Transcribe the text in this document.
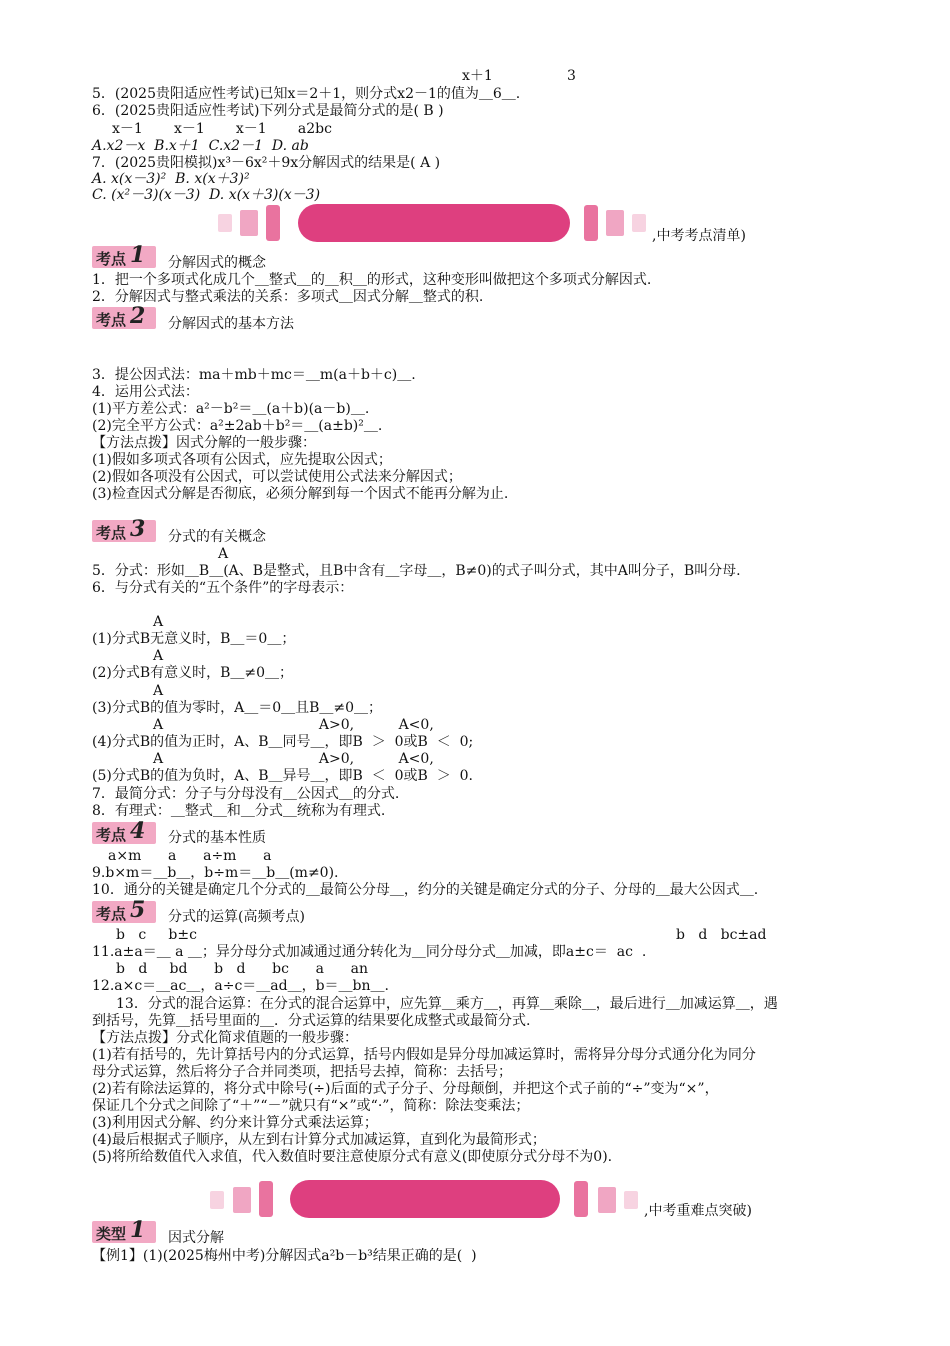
x＋1	3
5．(2025贵阳适应性考试)已知x＝2＋1，则分式x2－1的值为＿6＿.
6．(2025贵阳适应性考试)下列分式是最简分式的是( B )
x－1       x－1       x－1       a2bc
A.x2－x  B.x＋1  C.x2－1  D. ab
7．(2025贵阳模拟)x³－6x²＋9x分解因式的结果是( A )
A. x(x－3)²  B. x(x＋3)²
C. (x²－3)(x－3)  D. x(x＋3)(x－3)
,中考考点清单)
考点 1 分解因式的概念
1．把一个多项式化成几个＿整式＿的＿积＿的形式，这种变形叫做把这个多项式分解因式.
2．分解因式与整式乘法的关系：多项式＿因式分解＿整式的积.
考点 2 分解因式的基本方法
3．提公因式法：ma＋mb＋mc＝＿m(a＋b＋c)＿.
4．运用公式法：
(1)平方差公式：a²－b²＝＿(a＋b)(a－b)＿.
(2)完全平方公式：a²±2ab＋b²＝＿(a±b)²＿.
【方法点拨】因式分解的一般步骤：
(1)假如多项式各项有公因式，应先提取公因式；
(2)假如各项没有公因式，可以尝试使用公式法来分解因式；
(3)检查因式分解是否彻底，必须分解到每一个因式不能再分解为止.
考点 3 分式的有关概念
A
5．分式：形如＿B＿(A、B是整式，且B中含有＿字母＿，B≠0)的式子叫分式，其中A叫分子，B叫分母.
6．与分式有关的“五个条件”的字母表示：
A
(1)分式B无意义时，B＿＝0＿；
A
(2)分式B有意义时，B＿≠0＿；
A
(3)分式B的值为零时，A＿＝0＿且B＿≠0＿；
A                                   A>0,          A<0,
(4)分式B的值为正时，A、B＿同号＿，即B  ＞  0或B  ＜  0;
A                                   A>0,          A<0,
(5)分式B的值为负时，A、B＿异号＿，即B  ＜  0或B  ＞  0.
7．最简分式：分子与分母没有＿公因式＿的分式.
8．有理式：＿整式＿和＿分式＿统称为有理式.
考点 4 分式的基本性质
a×m      a      a÷m      a
9.b×m＝＿b＿，b÷m＝＿b＿(m≠0).
10．通分的关键是确定几个分式的＿最简公分母＿，约分的关键是确定分式的分子、分母的＿最大公因式＿.
考点 5 分式的运算(高频考点)
b   c     b±c	b   d   bc±ad
11.a±a＝＿ a ＿；异分母分式加减通过通分转化为＿同分母分式＿加减，即a±c＝  ac  .
b   d     bd      b   d      bc      a      an
12.a×c＝＿ac＿，a÷c＝＿ad＿，b＝＿bn＿.
13．分式的混合运算：在分式的混合运算中，应先算＿乘方＿，再算＿乘除＿，最后进行＿加减运算＿，遇
到括号，先算＿括号里面的＿．分式运算的结果要化成整式或最简分式.
【方法点拨】分式化简求值题的一般步骤：
(1)若有括号的，先计算括号内的分式运算，括号内假如是异分母加减运算时，需将异分母分式通分化为同分
母分式运算，然后将分子合并同类项，把括号去掉，简称：去括号；
(2)若有除法运算的，将分式中除号(÷)后面的式子分子、分母颠倒，并把这个式子前的“÷”变为“×”，
保证几个分式之间除了“＋”“－”就只有“×”或“·”，简称：除法变乘法；
(3)利用因式分解、约分来计算分式乘法运算；
(4)最后根据式子顺序，从左到右计算分式加减运算，直到化为最简形式；
(5)将所给数值代入求值，代入数值时要注意使原分式有意义(即使原分式分母不为0).
,中考重难点突破)
类型 1 因式分解
【例1】(1)(2025梅州中考)分解因式a²b－b³结果正确的是(  )
